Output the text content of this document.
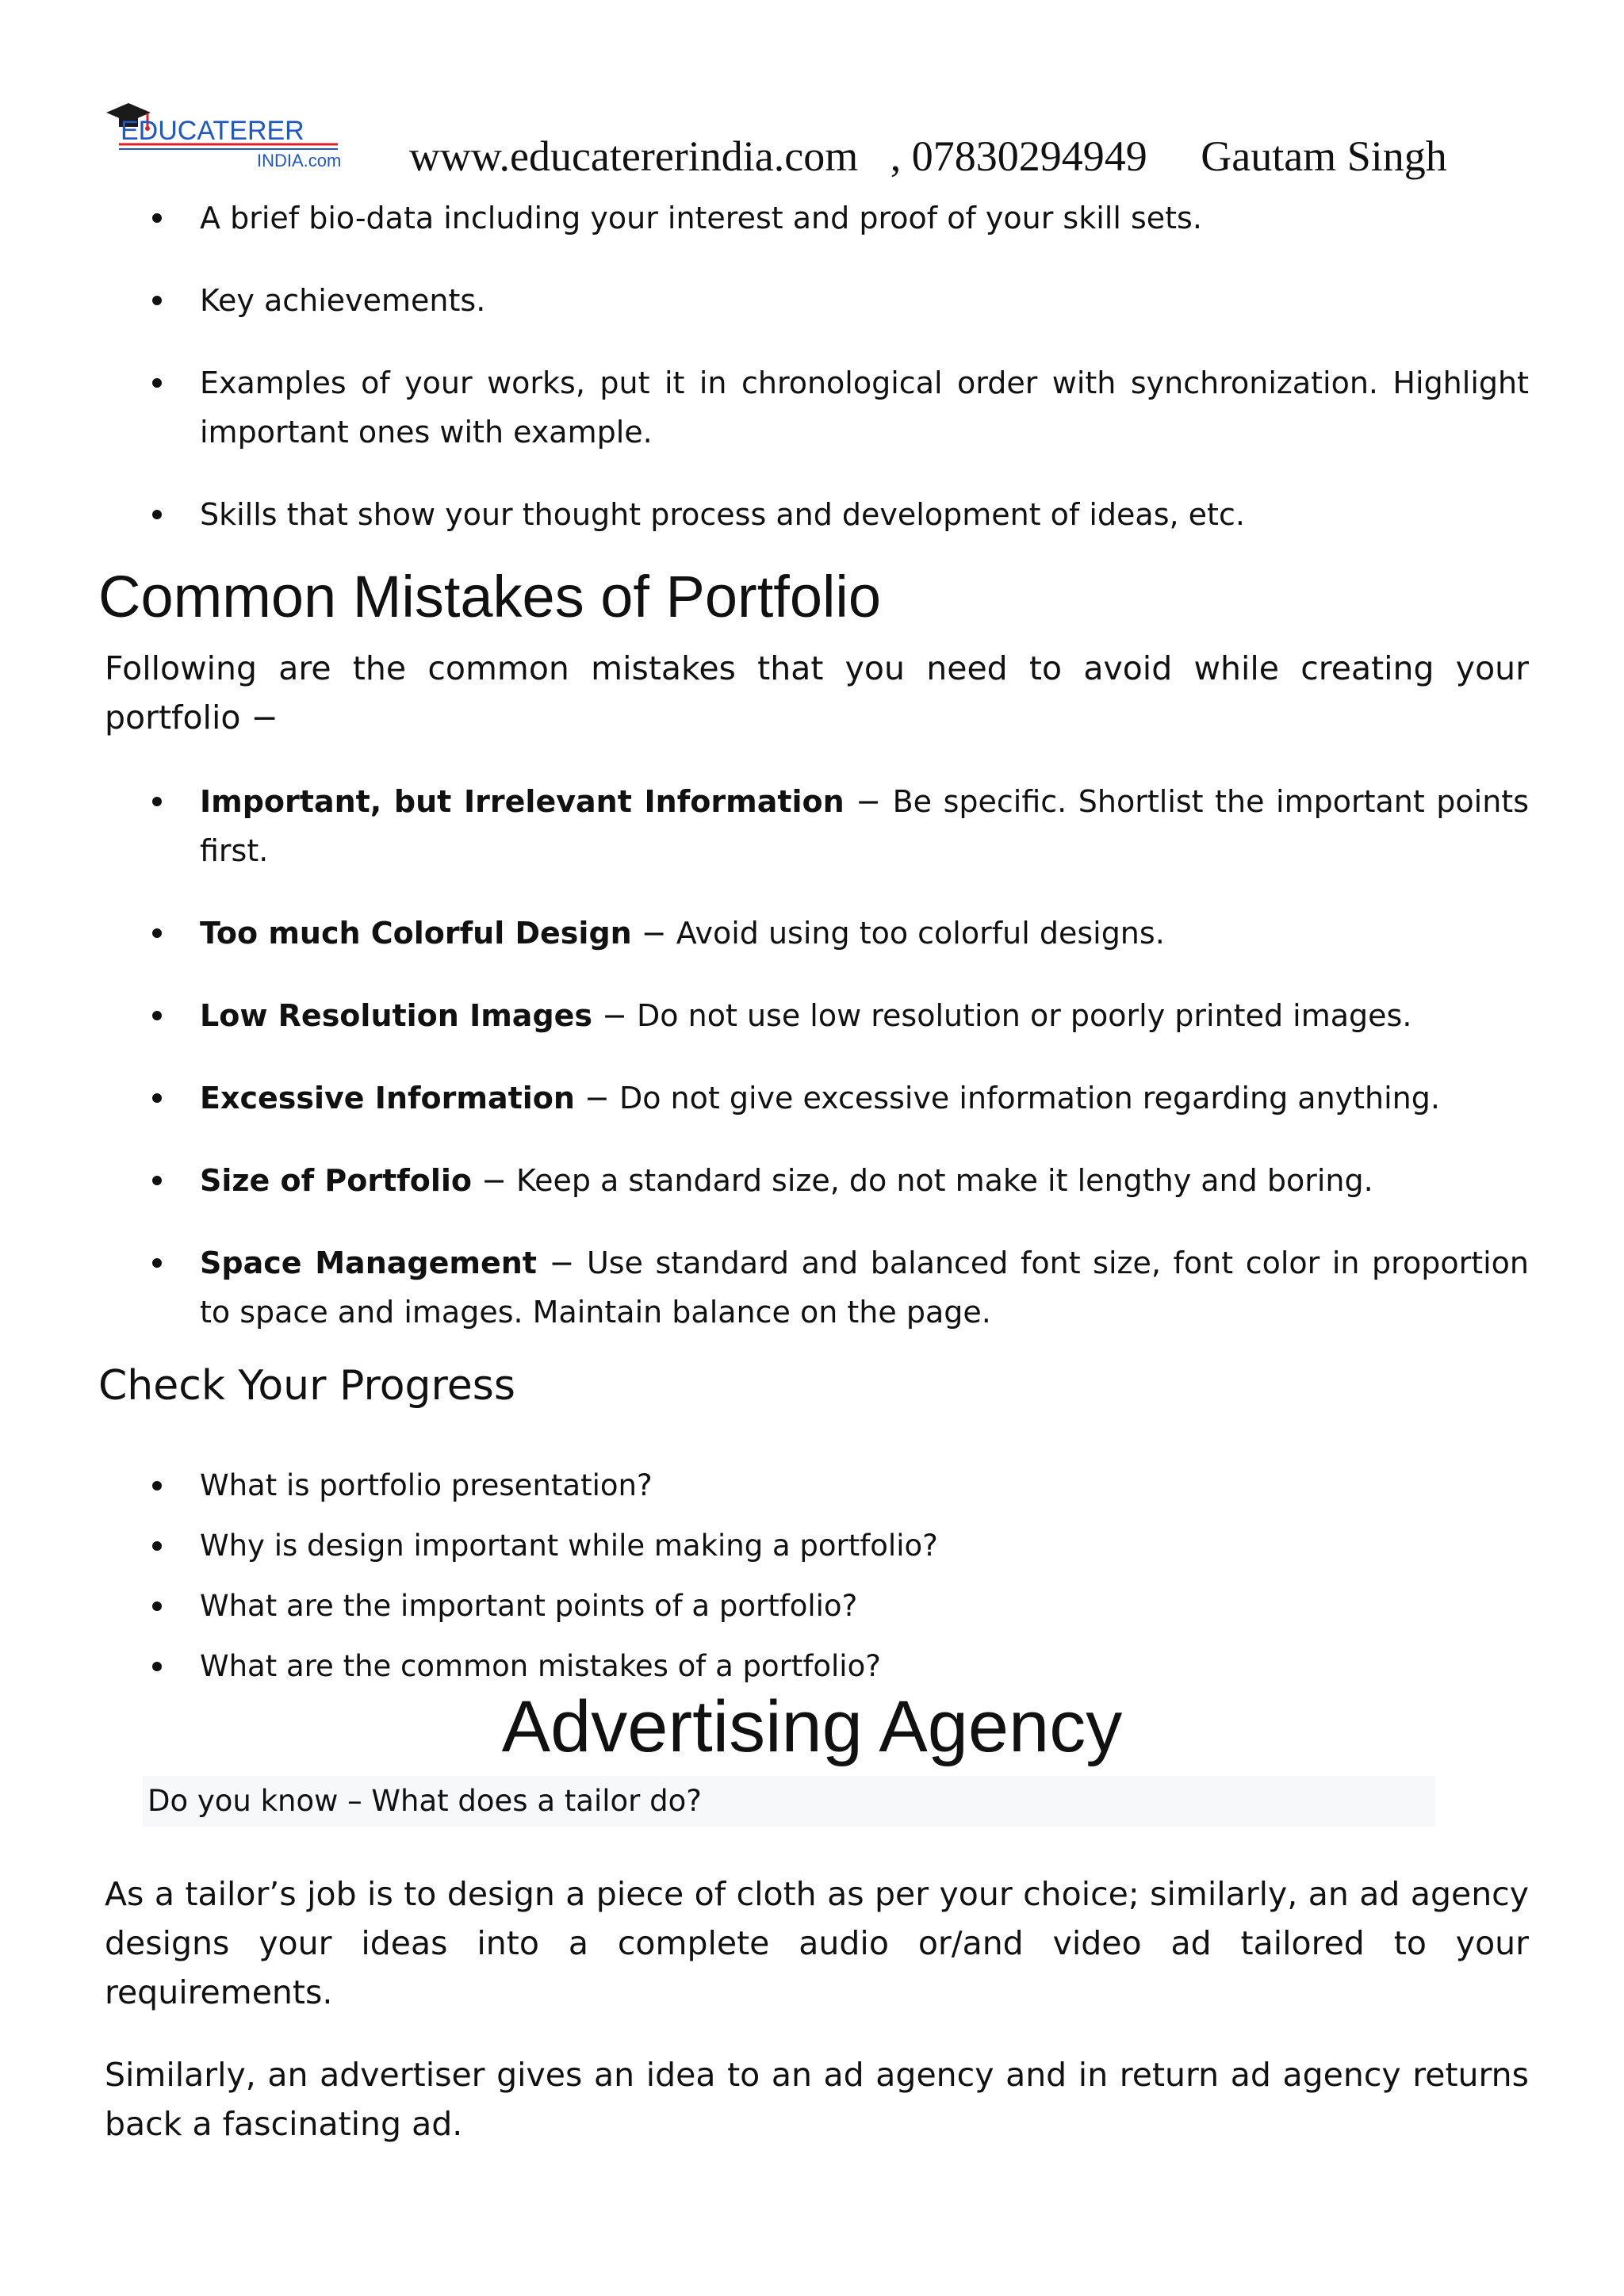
EDUCATERER
INDIA.com www.educatererindia.com , 07830294949 Gautam Singh
A brief bio-data including your interest and proof of your skill sets.
Key achievements.
Examples of your works, put it in chronological order with synchronization. Highlight important ones with example.
Skills that show your thought process and development of ideas, etc.
Common Mistakes of Portfolio
Following are the common mistakes that you need to avoid while creating your portfolio −
Important, but Irrelevant Information − Be specific. Shortlist the important points first.
Too much Colorful Design − Avoid using too colorful designs.
Low Resolution Images − Do not use low resolution or poorly printed images.
Excessive Information − Do not give excessive information regarding anything.
Size of Portfolio − Keep a standard size, do not make it lengthy and boring.
Space Management − Use standard and balanced font size, font color in proportion to space and images. Maintain balance on the page.
Check Your Progress
What is portfolio presentation?
Why is design important while making a portfolio?
What are the important points of a portfolio?
What are the common mistakes of a portfolio?
Advertising Agency
Do you know – What does a tailor do?
As a tailor’s job is to design a piece of cloth as per your choice; similarly, an ad agency designs your ideas into a complete audio or/and video ad tailored to your requirements.
Similarly, an advertiser gives an idea to an ad agency and in return ad agency returns back a fascinating ad.
